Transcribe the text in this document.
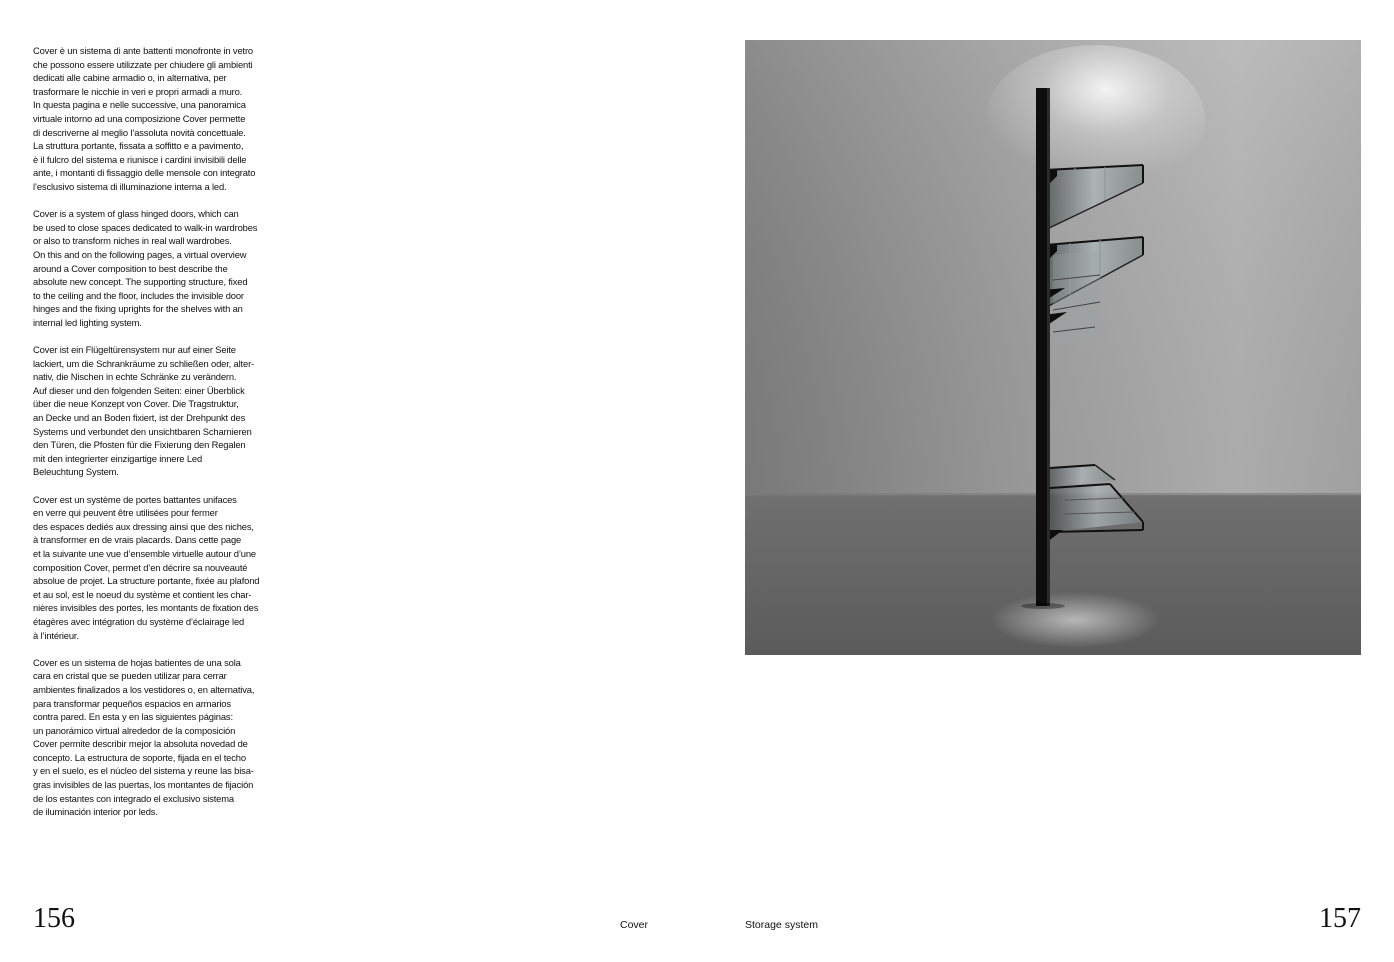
Cover è un sistema di ante battenti monofronte in vetro
che possono essere utilizzate per chiudere gli ambienti
dedicati alle cabine armadio o, in alternativa, per
trasformare le nicchie in veri e propri armadi a muro.
In questa pagina e nelle successive, una panoramica
virtuale intorno ad una composizione Cover permette
di descriverne al meglio l’assoluta novità concettuale.
La struttura portante, fissata a soffitto e a pavimento,
è il fulcro del sistema e riunisce i cardini invisibili delle
ante, i montanti di fissaggio delle mensole con integrato
l’esclusivo sistema di illuminazione interna a led.

Cover is a system of glass hinged doors, which can
be used to close spaces dedicated to walk-in wardrobes
or also to transform niches in real wall wardrobes.
On this and on the following pages, a virtual overview
around a Cover composition to best describe the
absolute new concept. The supporting structure, fixed
to the ceiling and the floor, includes the invisible door
hinges and the fixing uprights for the shelves with an
internal led lighting system.

Cover ist ein Flügeltürensystem nur auf einer Seite
lackiert, um die Schrankräume zu schließen oder, alter-
nativ, die Nischen in echte Schränke zu verändern.
Auf dieser und den folgenden Seiten: einer Überblick
über die neue Konzept von Cover. Die Tragstruktur,
an Decke und an Boden fixiert, ist der Drehpunkt des
Systems und verbundet den unsichtbaren Scharnieren
den Türen, die Pfosten für die Fixierung den Regalen
mit den integrierter einzigartige innere Led
Beleuchtung System.

Cover est un système de portes battantes unifaces
en verre qui peuvent être utilisées pour fermer
des espaces dediés aux dressing ainsi que des niches,
à transformer en de vrais placards. Dans cette page
et la suivante une vue d’ensemble virtuelle autour d’une
composition Cover, permet d’en décrire sa nouveauté
absolue de projet. La structure portante, fixée au plafond
et au sol, est le noeud du système et contient les char-
nières invisibles des portes, les montants de fixation des
étagères avec intégration du système d’éclairage led
à l’intérieur.

Cover es un sistema de hojas batientes de una sola
cara en cristal que se pueden utilizar para cerrar
ambientes finalizados a los vestidores o, en alternativa,
para transformar pequeños espacios en armarios
contra pared. En esta y en las siguientes páginas:
un panorámico virtual alrededor de la composición
Cover permite describir mejor la absoluta novedad de
concepto. La estructura de soporte, fijada en el techo
y en el suelo, es el núcleo del sistema y reune las bisa-
gras invisibles de las puertas, los montantes de fijación
de los estantes con integrado el exclusivo sistema
de iluminación interior por leds.

156	Cover	Storage system	157
